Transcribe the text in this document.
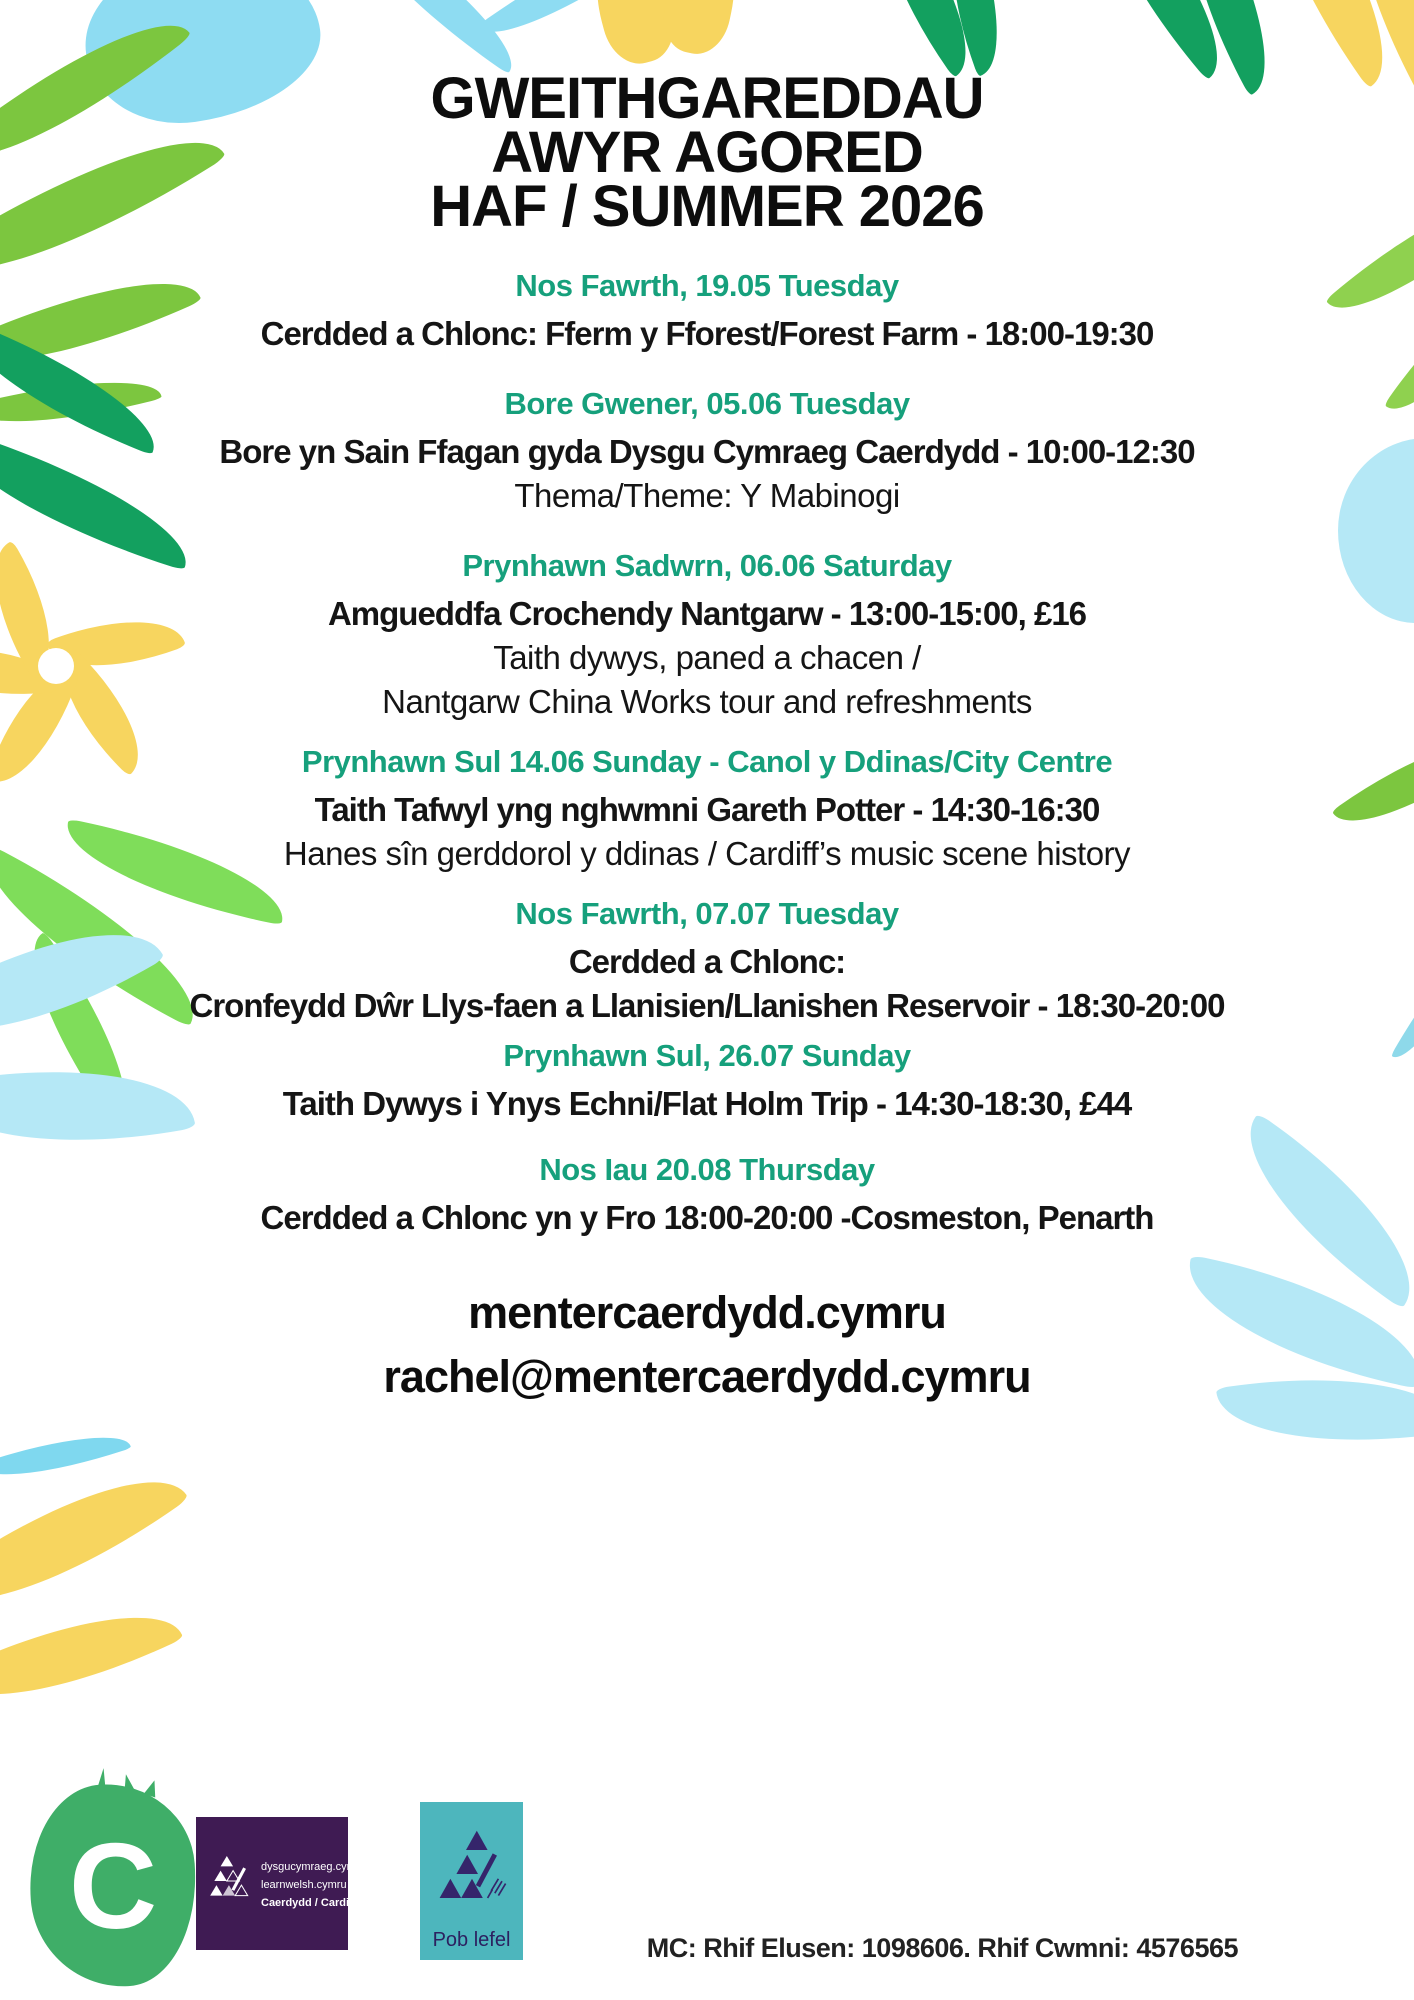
GWEITHGAREDDAU
AWYR AGORED
HAF / SUMMER 2026
Nos Fawrth, 19.05 Tuesday
Cerdded a Chlonc: Fferm y Fforest/Forest Farm - 18:00-19:30
Bore Gwener, 05.06 Tuesday
Bore yn Sain Ffagan gyda Dysgu Cymraeg Caerdydd - 10:00-12:30
Thema/Theme: Y Mabinogi
Prynhawn Sadwrn, 06.06 Saturday
Amgueddfa Crochendy Nantgarw - 13:00-15:00, £16
Taith dywys, paned a chacen /
Nantgarw China Works tour and refreshments
Prynhawn Sul 14.06 Sunday - Canol y Ddinas/City Centre
Taith Tafwyl yng nghwmni Gareth Potter - 14:30-16:30
Hanes sîn gerddorol y ddinas / Cardiff’s music scene history
Nos Fawrth, 07.07 Tuesday
Cerdded a Chlonc:
Cronfeydd Dŵr Llys-faen a Llanisien/Llanishen Reservoir - 18:30-20:00
Prynhawn Sul, 26.07 Sunday
Taith Dywys i Ynys Echni/Flat Holm Trip - 14:30-18:30, £44
Nos Iau 20.08 Thursday
Cerdded a Chlonc yn y Fro 18:00-20:00 -Cosmeston, Penarth
mentercaerdydd.cymru
rachel@mentercaerdydd.cymru
C	dysgucymraeg.cymru
learnwelsh.cymru
Caerdydd / Cardiff
Pob lefel	MC: Rhif Elusen: 1098606. Rhif Cwmni: 4576565
